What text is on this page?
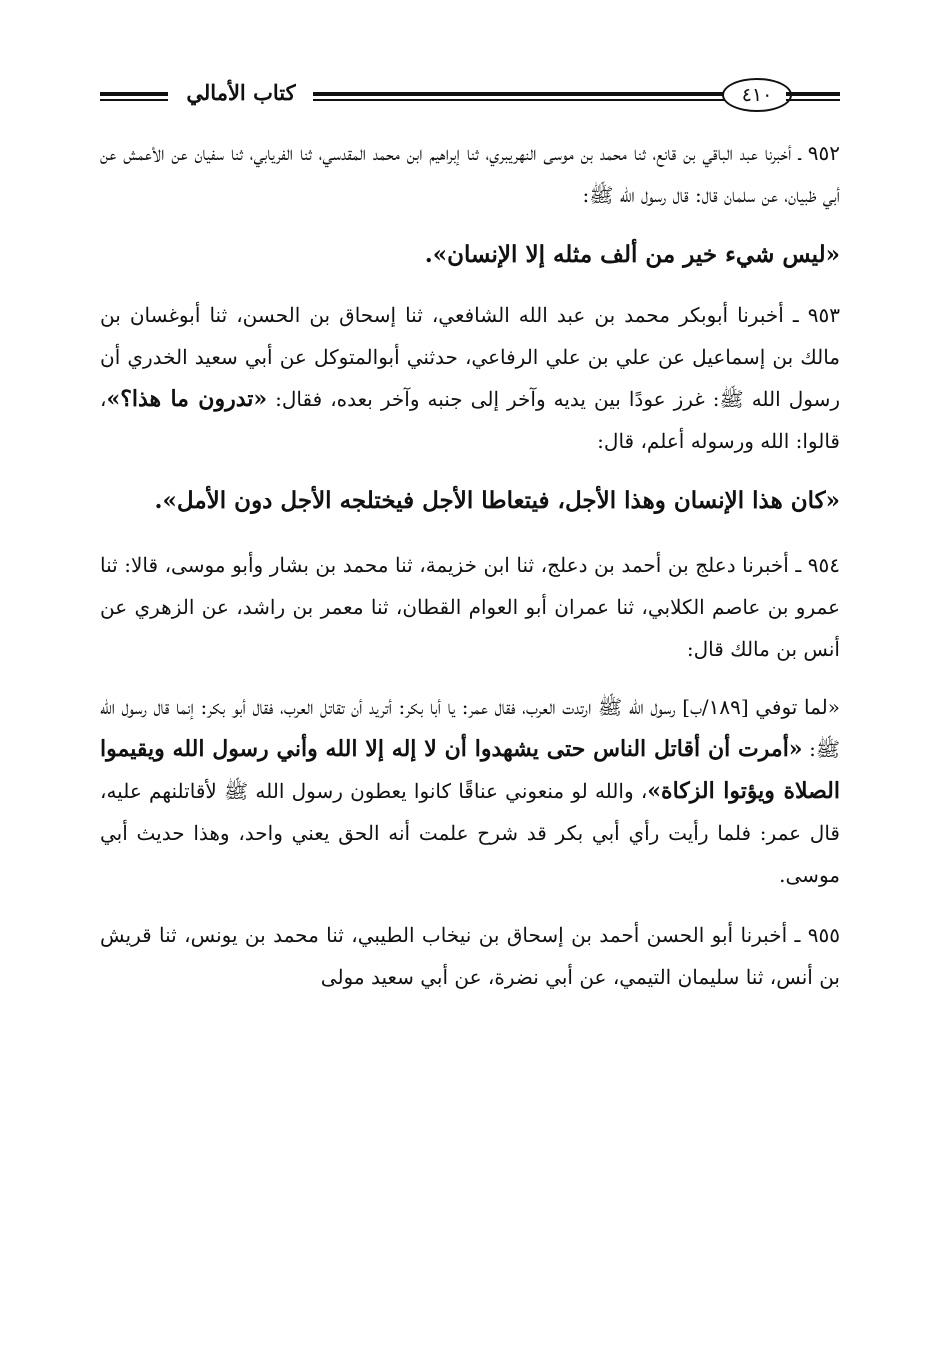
كتاب الأمالي	٤١٠

٩٥٢ ـ أخبرنا عبد الباقي بن قانع، ثنا محمد بن موسى النهريبري، ثنا إبراهيم ابن محمد المقدسي، ثنا الفريابي، ثنا سفيان عن الأعمش عن أبي ظبيان، عن سلمان قال: قال رسول الله ﷺ:

«ليس شيء خير من ألف مثله إلا الإنسان».

٩٥٣ ـ أخبرنا أبوبكر محمد بن عبد الله الشافعي، ثنا إسحاق بن الحسن، ثنا أبوغسان بن مالك بن إسماعيل عن علي بن علي الرفاعي، حدثني أبوالمتوكل عن أبي سعيد الخدري أن رسول الله ﷺ: غرز عودًا بين يديه وآخر إلى جنبه وآخر بعده، فقال: «تدرون ما هذا؟»، قالوا: الله ورسوله أعلم، قال:

«كان هذا الإنسان وهذا الأجل، فيتعاطا الأجل فيختلجه الأجل دون الأمل».

٩٥٤ ـ أخبرنا دعلج بن أحمد بن دعلج، ثنا ابن خزيمة، ثنا محمد بن بشار وأبو موسى، قالا: ثنا عمرو بن عاصم الكلابي، ثنا عمران أبو العوام القطان، ثنا معمر بن راشد، عن الزهري عن أنس بن مالك قال:

«لما توفي [١٨٩/ب] رسول الله ﷺ ارتدت العرب، فقال عمر: يا أبا بكر: أتريد أن تقاتل العرب، فقال أبو بكر: إنما قال رسول الله ﷺ: «أمرت أن أقاتل الناس حتى يشهدوا أن لا إله إلا الله وأني رسول الله ويقيموا الصلاة ويؤتوا الزكاة»، والله لو منعوني عناقًا كانوا يعطون رسول الله ﷺ لأقاتلنهم عليه، قال عمر: فلما رأيت رأي أبي بكر قد شرح علمت أنه الحق يعني واحد، وهذا حديث أبي موسى.

٩٥٥ ـ أخبرنا أبو الحسن أحمد بن إسحاق بن نيخاب الطيبي، ثنا محمد بن يونس، ثنا قريش بن أنس، ثنا سليمان التيمي، عن أبي نضرة، عن أبي سعيد مولى
